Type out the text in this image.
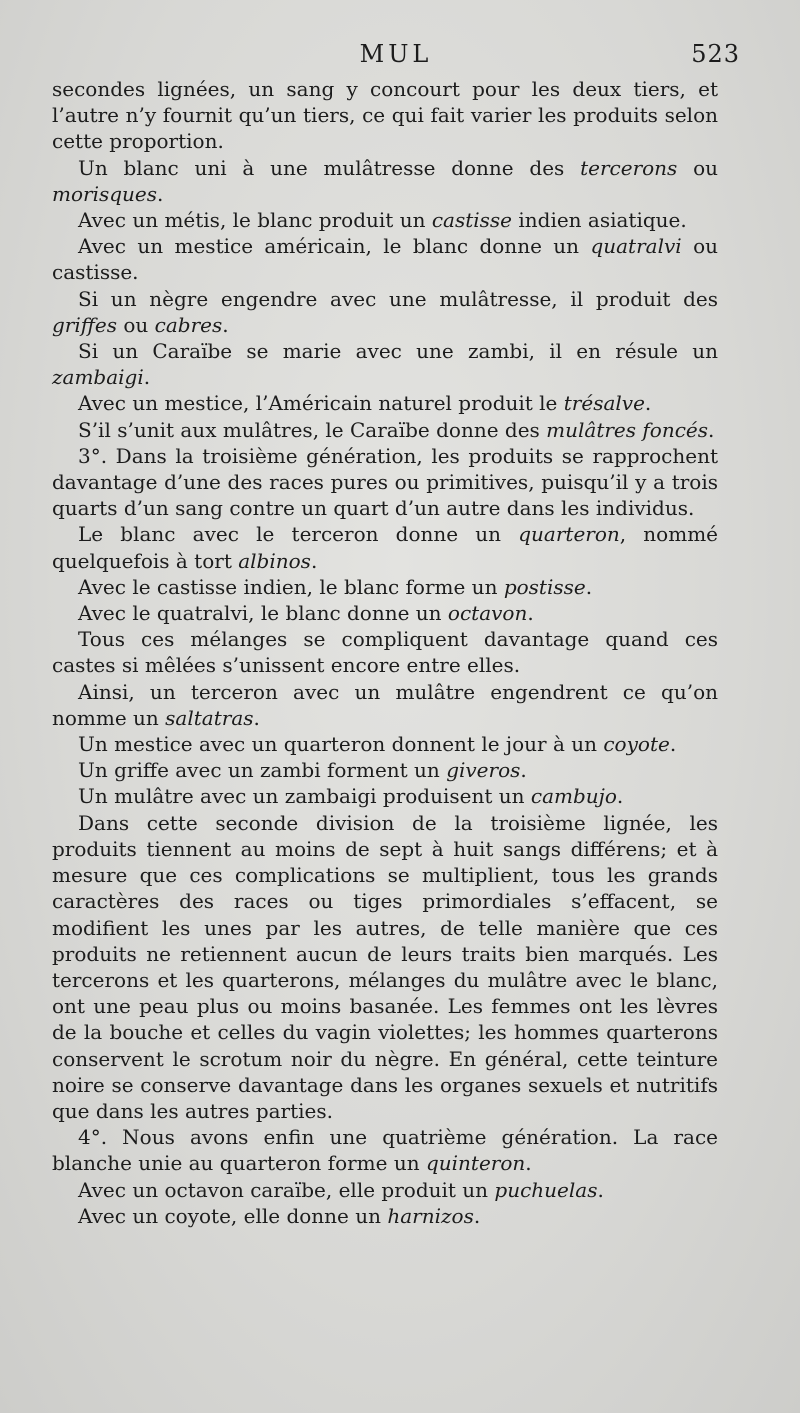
MUL	523

secondes lignées, un sang y concourt pour les deux tiers, et l’autre n’y fournit qu’un tiers, ce qui fait varier les produits selon cette proportion.

Un blanc uni à une mulâtresse donne des tercerons ou morisques.

Avec un métis, le blanc produit un castisse indien asiatique.

Avec un mestice américain, le blanc donne un quatralvi ou castisse.

Si un nègre engendre avec une mulâtresse, il produit des griffes ou cabres.

Si un Caraïbe se marie avec une zambi, il en résule un zambaigi.

Avec un mestice, l’Américain naturel produit le trésalve.

S’il s’unit aux mulâtres, le Caraïbe donne des mulâtres foncés.

3°. Dans la troisième génération, les produits se rapprochent davantage d’une des races pures ou primitives, puisqu’il y a trois quarts d’un sang contre un quart d’un autre dans les individus.

Le blanc avec le terceron donne un quarteron, nommé quelquefois à tort albinos.

Avec le castisse indien, le blanc forme un postisse.

Avec le quatralvi, le blanc donne un octavon.

Tous ces mélanges se compliquent davantage quand ces castes si mêlées s’unissent encore entre elles.

Ainsi, un terceron avec un mulâtre engendrent ce qu’on nomme un saltatras.

Un mestice avec un quarteron donnent le jour à un coyote.

Un griffe avec un zambi forment un giveros.

Un mulâtre avec un zambaigi produisent un cambujo.

Dans cette seconde division de la troisième lignée, les produits tiennent au moins de sept à huit sangs différens; et à mesure que ces complications se multiplient, tous les grands caractères des races ou tiges primordiales s’effacent, se modifient les unes par les autres, de telle manière que ces produits ne retiennent aucun de leurs traits bien marqués. Les tercerons et les quarterons, mélanges du mulâtre avec le blanc, ont une peau plus ou moins basanée. Les femmes ont les lèvres de la bouche et celles du vagin violettes; les hommes quarterons conservent le scrotum noir du nègre. En général, cette teinture noire se conserve davantage dans les organes sexuels et nutritifs que dans les autres parties.

4°. Nous avons enfin une quatrième génération. La race blanche unie au quarteron forme un quinteron.

Avec un octavon caraïbe, elle produit un puchuelas.

Avec un coyote, elle donne un harnizos.
